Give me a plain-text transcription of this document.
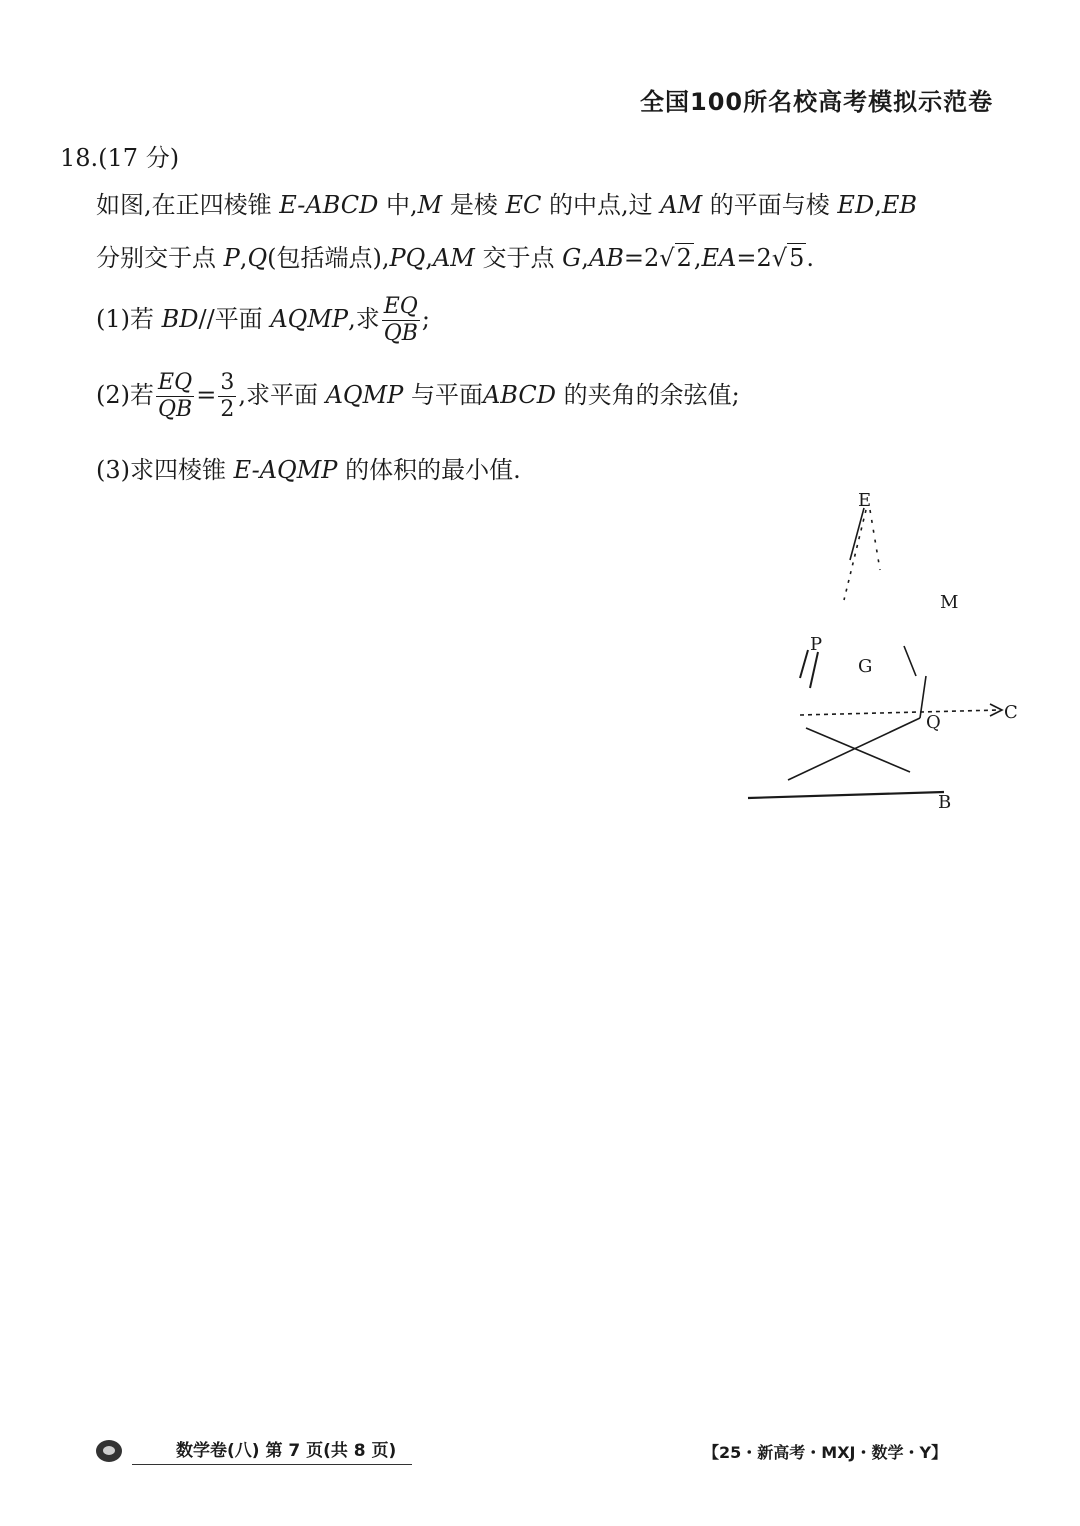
全国100所名校高考模拟示范卷
18.(17 分)
如图,在正四棱锥 E-ABCD 中,M 是棱 EC 的中点,过 AM 的平面与棱 ED,EB
分别交于点 P,Q(包括端点),PQ,AM 交于点 G,AB=2√2,EA=2√5.
(1)若 BD//平面 AQMP,求 $\frac{EQ}{QB}$ ;
(2)若 $\frac{EQ}{QB} = \frac{3}{2}$ ,求平面 AQMP 与平面ABCD 的夹角的余弦值;
(3)求四棱锥 E-AQMP 的体积的最小值.
E
M
P
G
Q	C
B
数学卷(八) 第 7 页(共 8 页)	【25・新高考・MXJ・数学・Y】
